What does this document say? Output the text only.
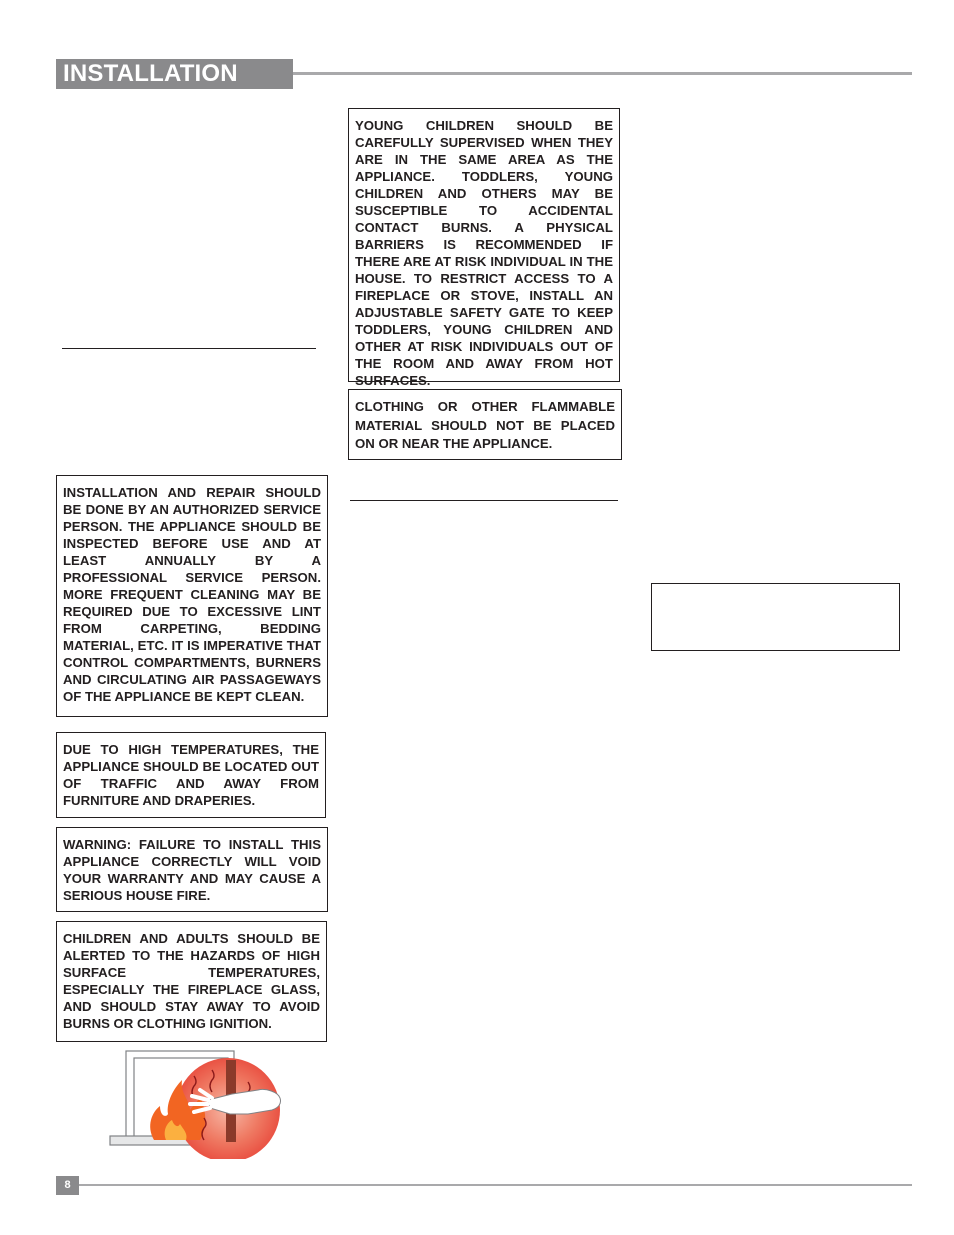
INSTALLATION
INSTALLATION AND REPAIR SHOULD BE DONE BY AN AUTHORIZED SERVICE PERSON. THE APPLIANCE SHOULD BE INSPECTED BEFORE USE AND AT LEAST ANNUALLY BY A PROFESSIONAL SERVICE PERSON. MORE FREQUENT CLEANING MAY BE REQUIRED DUE TO EXCESSIVE LINT FROM CARPETING, BEDDING MATERIAL, ETC. IT IS IMPERATIVE THAT CONTROL COMPARTMENTS, BURNERS AND CIRCULATING AIR PASSAGEWAYS OF THE APPLIANCE BE KEPT CLEAN.
DUE TO HIGH TEMPERATURES, THE APPLIANCE SHOULD BE LOCATED OUT OF TRAFFIC AND AWAY FROM FURNITURE AND DRAPERIES.
WARNING: FAILURE TO INSTALL THIS APPLIANCE CORRECTLY WILL VOID YOUR WARRANTY AND MAY CAUSE A SERIOUS HOUSE FIRE.
CHILDREN AND ADULTS SHOULD BE ALERTED TO THE HAZARDS OF HIGH SURFACE TEMPERATURES, ESPECIALLY THE FIREPLACE GLASS, AND SHOULD STAY AWAY TO AVOID BURNS OR CLOTHING IGNITION.
YOUNG CHILDREN SHOULD BE CAREFULLY SUPERVISED WHEN THEY ARE IN THE SAME AREA AS THE APPLIANCE. TODDLERS, YOUNG CHILDREN AND OTHERS MAY BE SUSCEPTIBLE TO ACCIDENTAL CONTACT BURNS. A PHYSICAL BARRIERS IS RECOMMENDED IF THERE ARE AT RISK INDIVIDUAL IN THE HOUSE. TO RESTRICT ACCESS TO A FIREPLACE OR STOVE, INSTALL AN ADJUSTABLE SAFETY GATE TO KEEP TODDLERS, YOUNG CHILDREN AND OTHER AT RISK INDIVIDUALS OUT OF THE ROOM AND AWAY FROM HOT SURFACES.
CLOTHING OR OTHER FLAMMABLE MATERIAL SHOULD NOT BE PLACED ON OR NEAR THE APPLIANCE.
8
